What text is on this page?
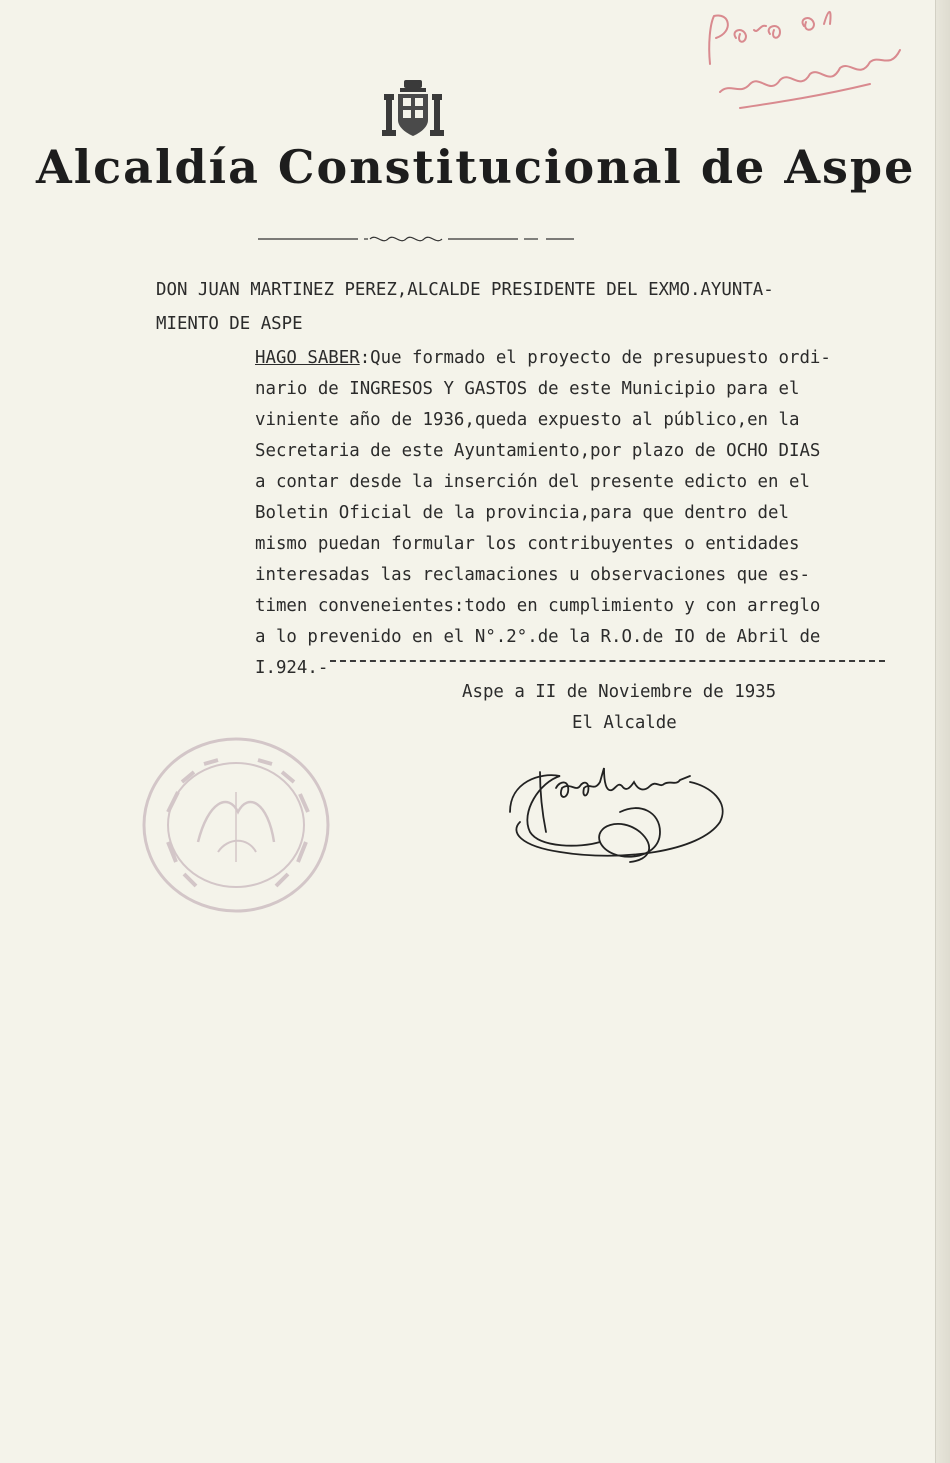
Alcaldía Constitucional de Aspe
DON JUAN MARTINEZ PEREZ,ALCALDE PRESIDENTE DEL EXMO.AYUNTA-
MIENTO DE ASPE
HAGO SABER:Que formado el proyecto de presupuesto ordi-
nario de INGRESOS Y GASTOS de este Municipio para el
viniente año de 1936,queda expuesto al público,en la
Secretaria de este Ayuntamiento,por plazo de OCHO DIAS
a contar desde la inserción del presente edicto en el
Boletin Oficial de la provincia,para que dentro del
mismo puedan formular los contribuyentes o entidades
interesadas las reclamaciones u observaciones que es-
timen conveneientes:todo en cumplimiento y con arreglo
a lo prevenido en el N°.2°.de la R.O.de IO de Abril de
I.924.-
Aspe a II de Noviembre de 1935
El Alcalde
